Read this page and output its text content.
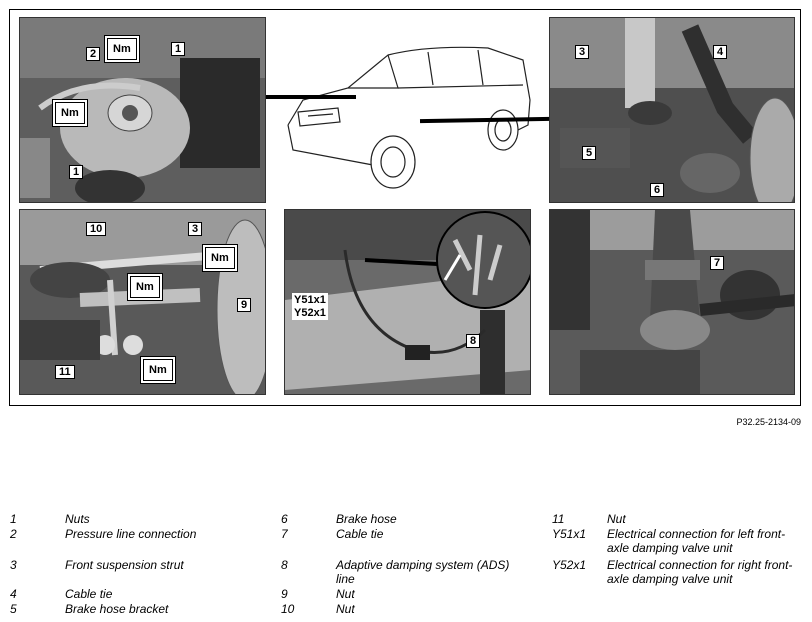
2	1
1
Nm
Nm
3	4
5
6
10	3
9
11
Nm
Nm
Nm
Y51x1
Y52x1
8
7
P32.25-2134-09
1	Nuts
2	Pressure line connection
3	Front suspension strut
4	Cable tie
5	Brake hose bracket
6	Brake hose
7	Cable tie
8	Adaptive damping system (ADS) line
9	Nut
10	Nut
11	Nut
Y51x1 Electrical connection for left front-axle damping valve unit
Y52x1 Electrical connection for right front-axle damping valve unit
